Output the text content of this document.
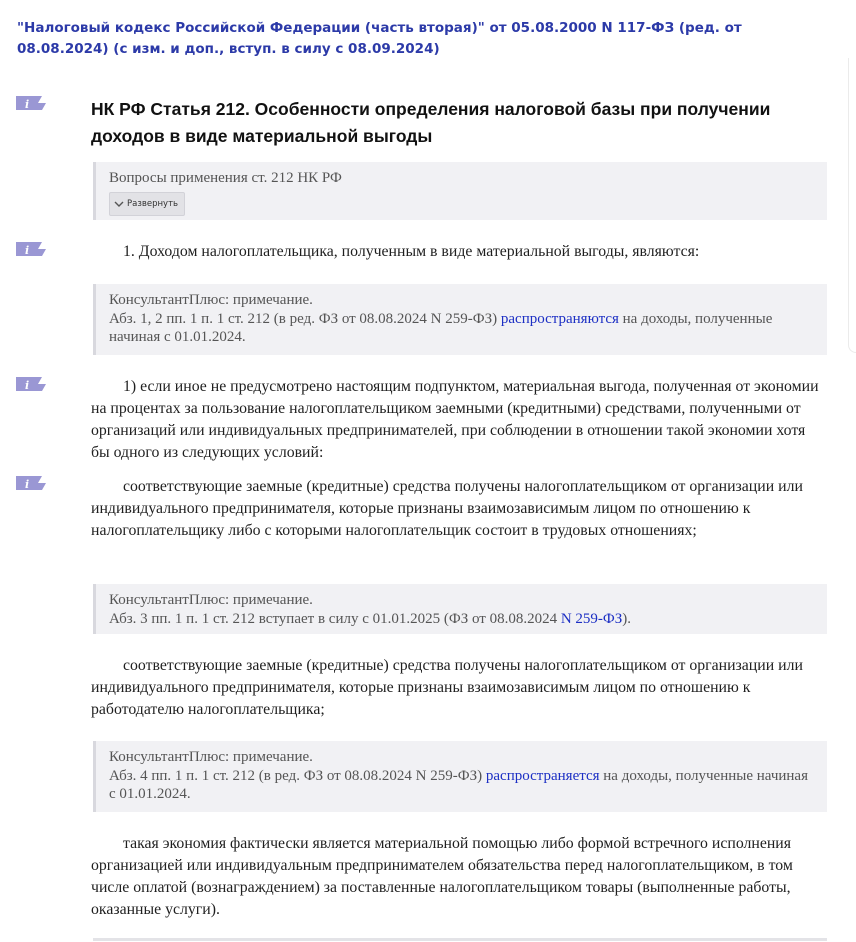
"Налоговый кодекс Российской Федерации (часть вторая)" от 05.08.2000 N 117-ФЗ (ред. от 08.08.2024) (с изм. и доп., вступ. в силу с 08.09.2024)
i
i
i
i
НК РФ Статья 212. Особенности определения налоговой базы при получении доходов в виде материальной выгоды
Вопросы применения ст. 212 НК РФ
Развернуть
1. Доходом налогоплательщика, полученным в виде материальной выгоды, являются:
КонсультантПлюс: примечание.
Абз. 1, 2 пп. 1 п. 1 ст. 212 (в ред. ФЗ от 08.08.2024 N 259-ФЗ) распространяются на доходы, полученные начиная с 01.01.2024.
1) если иное не предусмотрено настоящим подпунктом, материальная выгода, полученная от экономии на процентах за пользование налогоплательщиком заемными (кредитными) средствами, полученными от организаций или индивидуальных предпринимателей, при соблюдении в отношении такой экономии хотя бы одного из следующих условий:
соответствующие заемные (кредитные) средства получены налогоплательщиком от организации или индивидуального предпринимателя, которые признаны взаимозависимым лицом по отношению к налогоплательщику либо с которыми налогоплательщик состоит в трудовых отношениях;
КонсультантПлюс: примечание.
Абз. 3 пп. 1 п. 1 ст. 212 вступает в силу с 01.01.2025 (ФЗ от 08.08.2024 N 259-ФЗ).
соответствующие заемные (кредитные) средства получены налогоплательщиком от организации или индивидуального предпринимателя, которые признаны взаимозависимым лицом по отношению к работодателю налогоплательщика;
КонсультантПлюс: примечание.
Абз. 4 пп. 1 п. 1 ст. 212 (в ред. ФЗ от 08.08.2024 N 259-ФЗ) распространяется на доходы, полученные начиная с 01.01.2024.
такая экономия фактически является материальной помощью либо формой встречного исполнения организацией или индивидуальным предпринимателем обязательства перед налогоплательщиком, в том числе оплатой (вознаграждением) за поставленные налогоплательщиком товары (выполненные работы, оказанные услуги).
